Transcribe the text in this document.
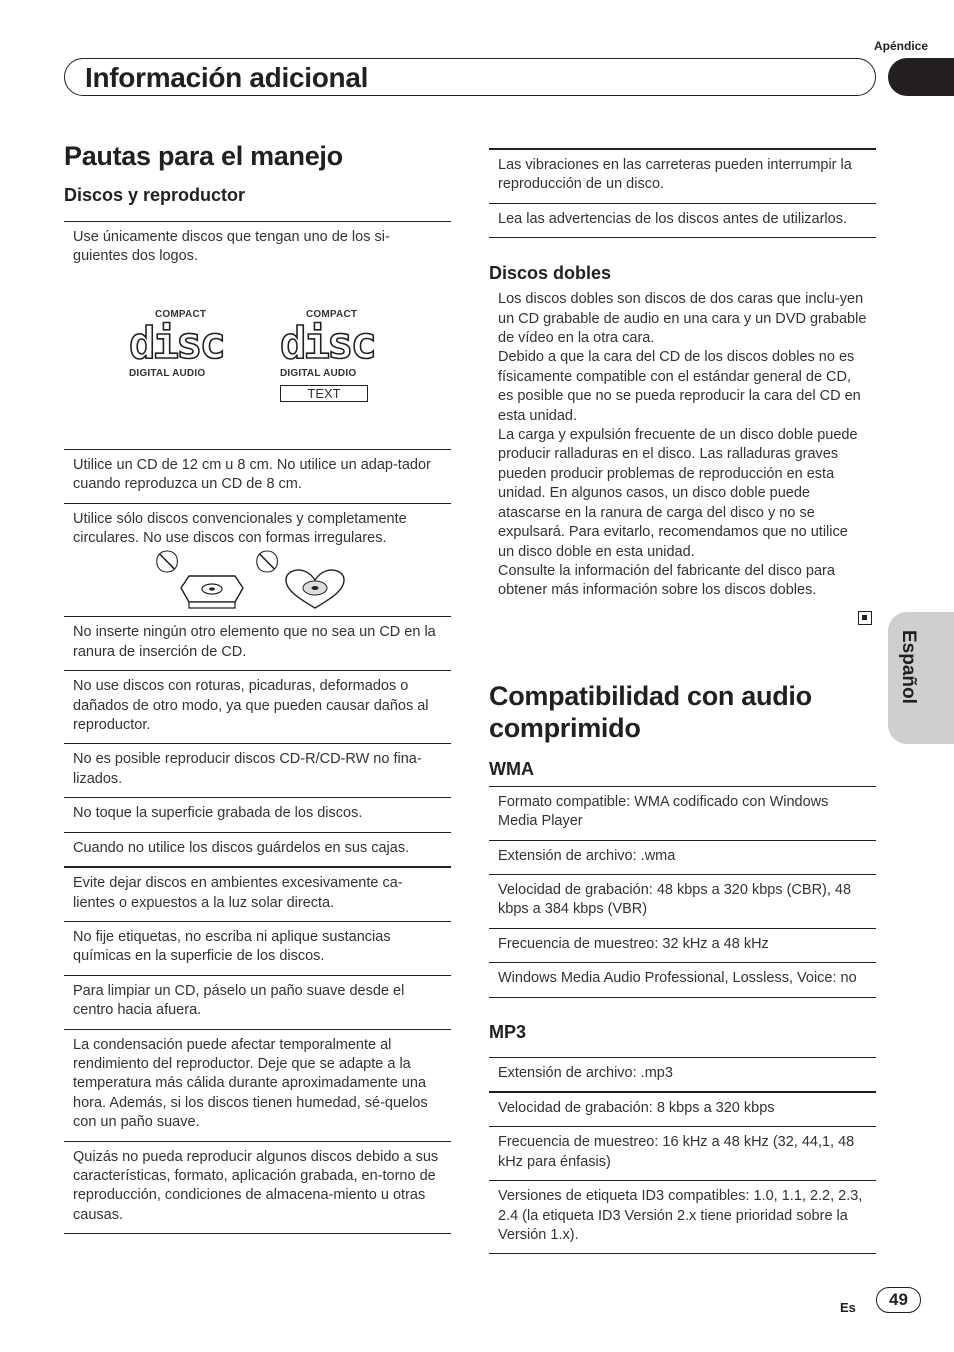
Apéndice
Información adicional
Español
Pautas para el manejo
Discos y reproductor
Use únicamente discos que tengan uno de los si-guientes dos logos.
COMPACT
disc
DIGITAL AUDIO
COMPACT
disc
DIGITAL AUDIO
TEXT
Utilice un CD de 12 cm u 8 cm. No utilice un adap-tador cuando reproduzca un CD de 8 cm.
Utilice sólo discos convencionales y completamente circulares. No use discos con formas irregulares.
No inserte ningún otro elemento que no sea un CD en la ranura de inserción de CD.
No use discos con roturas, picaduras, deformados o dañados de otro modo, ya que pueden causar daños al reproductor.
No es posible reproducir discos CD-R/CD-RW no fina-lizados.
No toque la superficie grabada de los discos.
Cuando no utilice los discos guárdelos en sus cajas.
Evite dejar discos en ambientes excesivamente ca-lientes o expuestos a la luz solar directa.
No fije etiquetas, no escriba ni aplique sustancias químicas en la superficie de los discos.
Para limpiar un CD, páselo un paño suave desde el centro hacia afuera.
La condensación puede afectar temporalmente al rendimiento del reproductor. Deje que se adapte a la temperatura más cálida durante aproximadamente una hora. Además, si los discos tienen humedad, sé-quelos con un paño suave.
Quizás no pueda reproducir algunos discos debido a sus características, formato, aplicación grabada, en-torno de reproducción, condiciones de almacena-miento u otras causas.
Las vibraciones en las carreteras pueden interrumpir la reproducción de un disco.
Lea las advertencias de los discos antes de utilizarlos.
Discos dobles

Los discos dobles son discos de dos caras que inclu-yen un CD grabable de audio en una cara y un DVD grabable de vídeo en la otra cara.

Debido a que la cara del CD de los discos dobles no es físicamente compatible con el estándar general de CD, es posible que no se pueda reproducir la cara del CD en esta unidad.

La carga y expulsión frecuente de un disco doble puede producir ralladuras en el disco. Las ralladuras graves pueden producir problemas de reproducción en esta unidad. En algunos casos, un disco doble puede atascarse en la ranura de carga del disco y no se expulsará. Para evitarlo, recomendamos que no utilice un disco doble en esta unidad.

Consulte la información del fabricante del disco para obtener más información sobre los discos dobles.

Compatibilidad con audio comprimido
WMA
Formato compatible: WMA codificado con Windows Media Player
Extensión de archivo: .wma
Velocidad de grabación: 48 kbps a 320 kbps (CBR), 48 kbps a 384 kbps (VBR)
Frecuencia de muestreo: 32 kHz a 48 kHz
Windows Media Audio Professional, Lossless, Voice: no
MP3
Extensión de archivo: .mp3
Velocidad de grabación: 8 kbps a 320 kbps
Frecuencia de muestreo: 16 kHz a 48 kHz (32, 44,1, 48 kHz para énfasis)
Versiones de etiqueta ID3 compatibles: 1.0, 1.1, 2.2, 2.3, 2.4 (la etiqueta ID3 Versión 2.x tiene prioridad sobre la Versión 1.x).
Es	49
